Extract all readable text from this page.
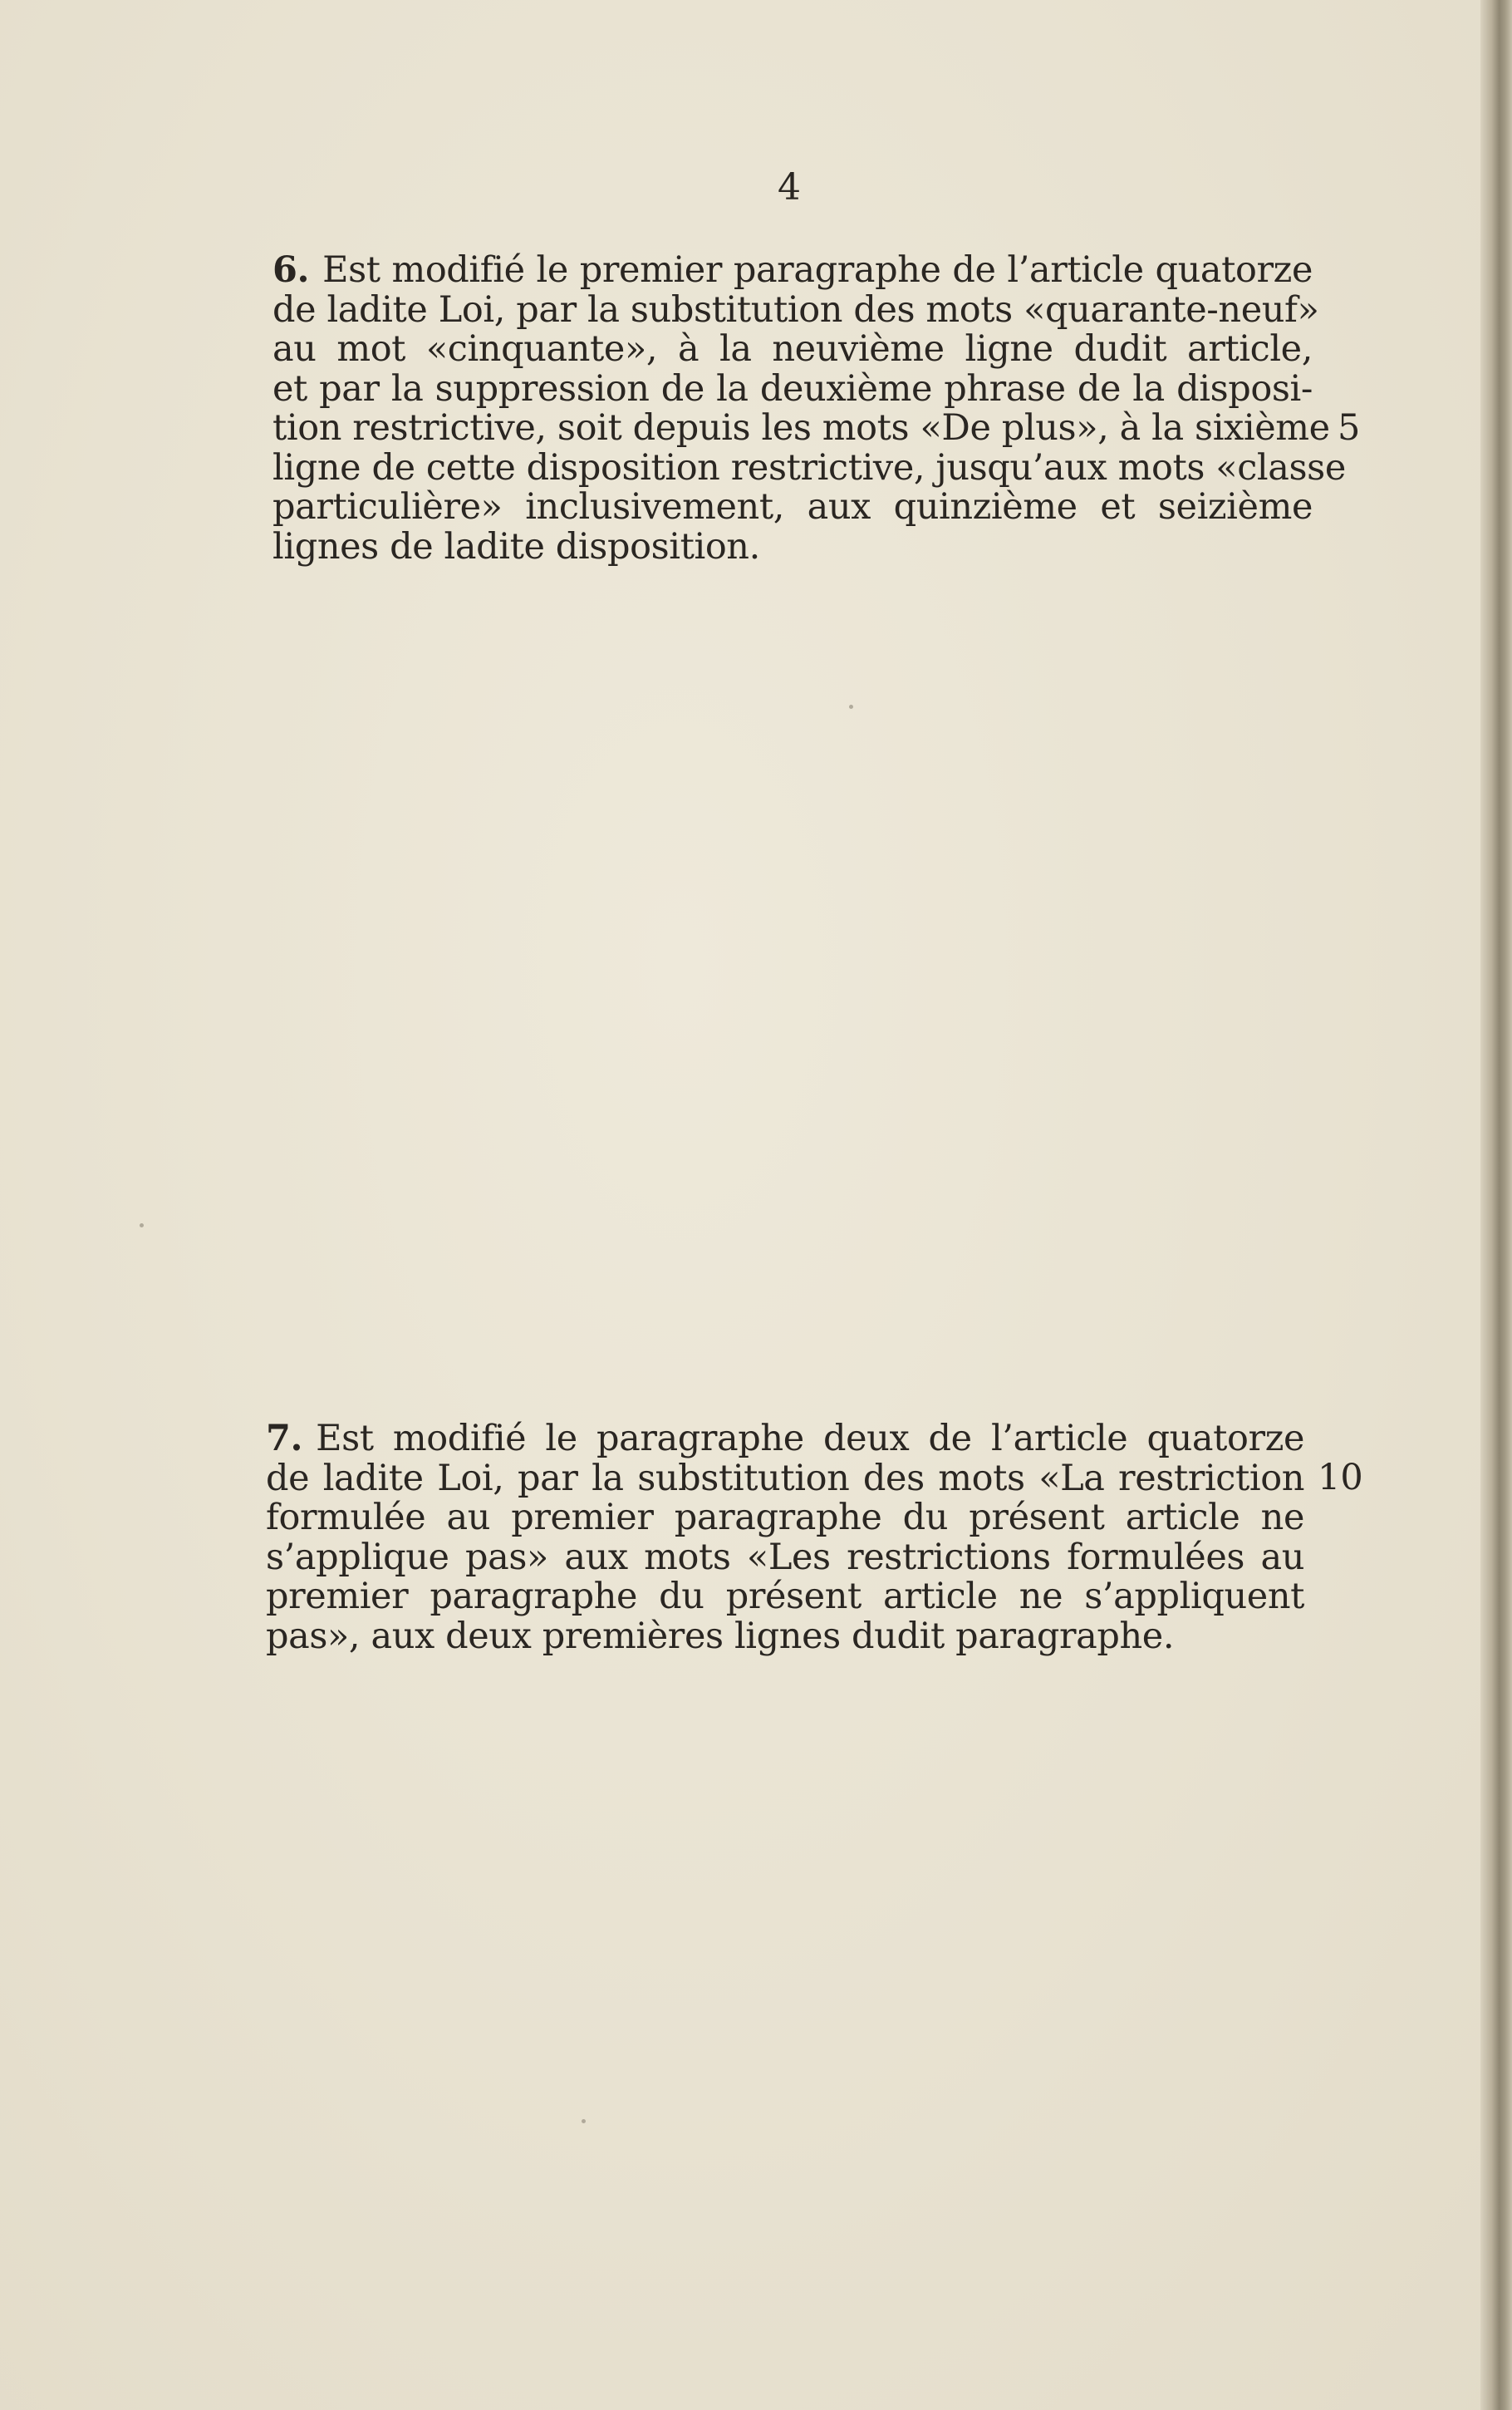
4
6. Est modifié le premier paragraphe de l’article quatorze
de ladite Loi, par la substitution des mots «quarante-neuf»
au mot «cinquante», à la neuvième ligne dudit article,
et par la suppression de la deuxième phrase de la disposi-
tion restrictive, soit depuis les mots «De plus», à la sixième
ligne de cette disposition restrictive, jusqu’aux mots «classe
particulière» inclusivement, aux quinzième et seizième
lignes de ladite disposition.
5
7. Est modifié le paragraphe deux de l’article quatorze
de ladite Loi, par la substitution des mots «La restriction
formulée au premier paragraphe du présent article ne
s’applique pas» aux mots «Les restrictions formulées au
premier paragraphe du présent article ne s’appliquent
pas», aux deux premières lignes dudit paragraphe.
10
